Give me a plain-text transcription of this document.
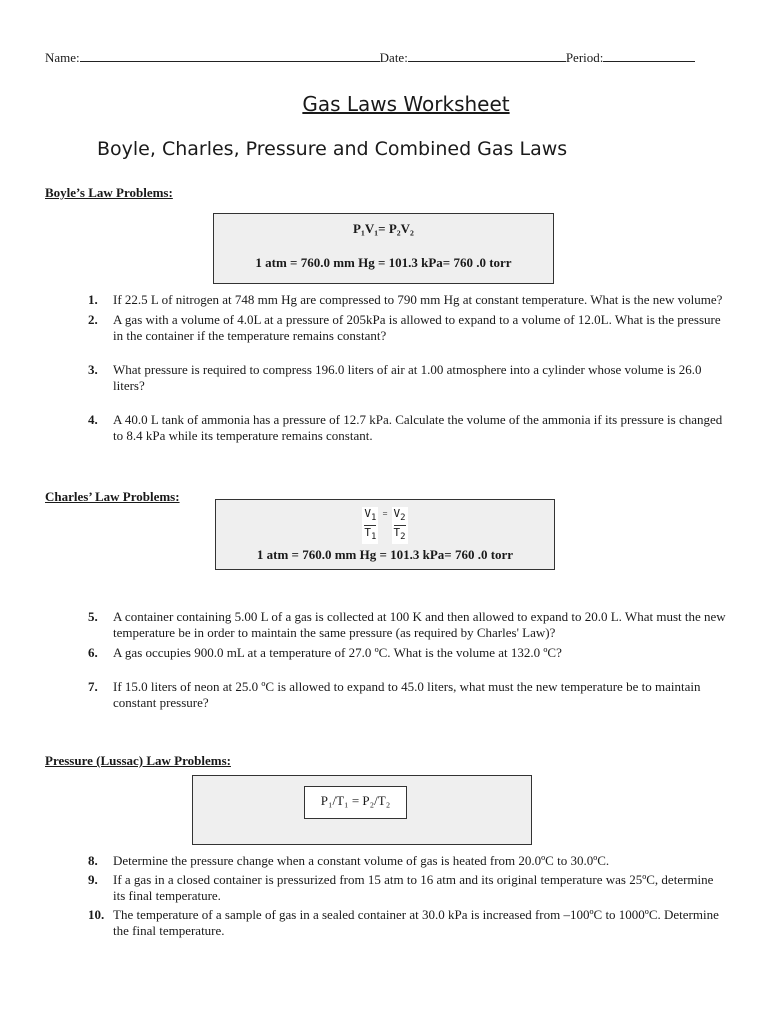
Name:	Date:	Period:
Gas Laws Worksheet
Boyle, Charles, Pressure and Combined Gas Laws
Boyle’s Law Problems:
P₁V₁= P₂V₂
1 atm = 760.0 mm Hg = 101.3 kPa= 760 .0 torr
1. If 22.5 L of nitrogen at 748 mm Hg are compressed to 790 mm Hg at constant temperature. What is the new volume?
2. A gas with a volume of 4.0L at a pressure of 205kPa is allowed to expand to a volume of 12.0L. What is the pressure in the container if the temperature remains constant?
3. What pressure is required to compress 196.0 liters of air at 1.00 atmosphere into a cylinder whose volume is 26.0 liters?
4. A 40.0 L tank of ammonia has a pressure of 12.7 kPa. Calculate the volume of the ammonia if its pressure is changed to 8.4 kPa while its temperature remains constant.
Charles’ Law Problems:
$\frac{V_1}{T_1} = \frac{V_2}{T_2}$
1 atm = 760.0 mm Hg = 101.3 kPa= 760 .0 torr
5. A container containing 5.00 L of a gas is collected at 100 K and then allowed to expand to 20.0 L. What must the new temperature be in order to maintain the same pressure (as required by Charles' Law)?
6. A gas occupies 900.0 mL at a temperature of 27.0 ºC. What is the volume at 132.0 ºC?
7. If 15.0 liters of neon at 25.0 ºC is allowed to expand to 45.0 liters, what must the new temperature be to maintain constant pressure?
Pressure (Lussac) Law Problems:
P₁/T₁ = P₂/T₂
8. Determine the pressure change when a constant volume of gas is heated from 20.0ºC to 30.0ºC.
9. If a gas in a closed container is pressurized from 15 atm to 16 atm and its original temperature was 25ºC, determine its final temperature.
10. The temperature of a sample of gas in a sealed container at 30.0 kPa is increased from –100ºC to 1000ºC. Determine the final temperature.
